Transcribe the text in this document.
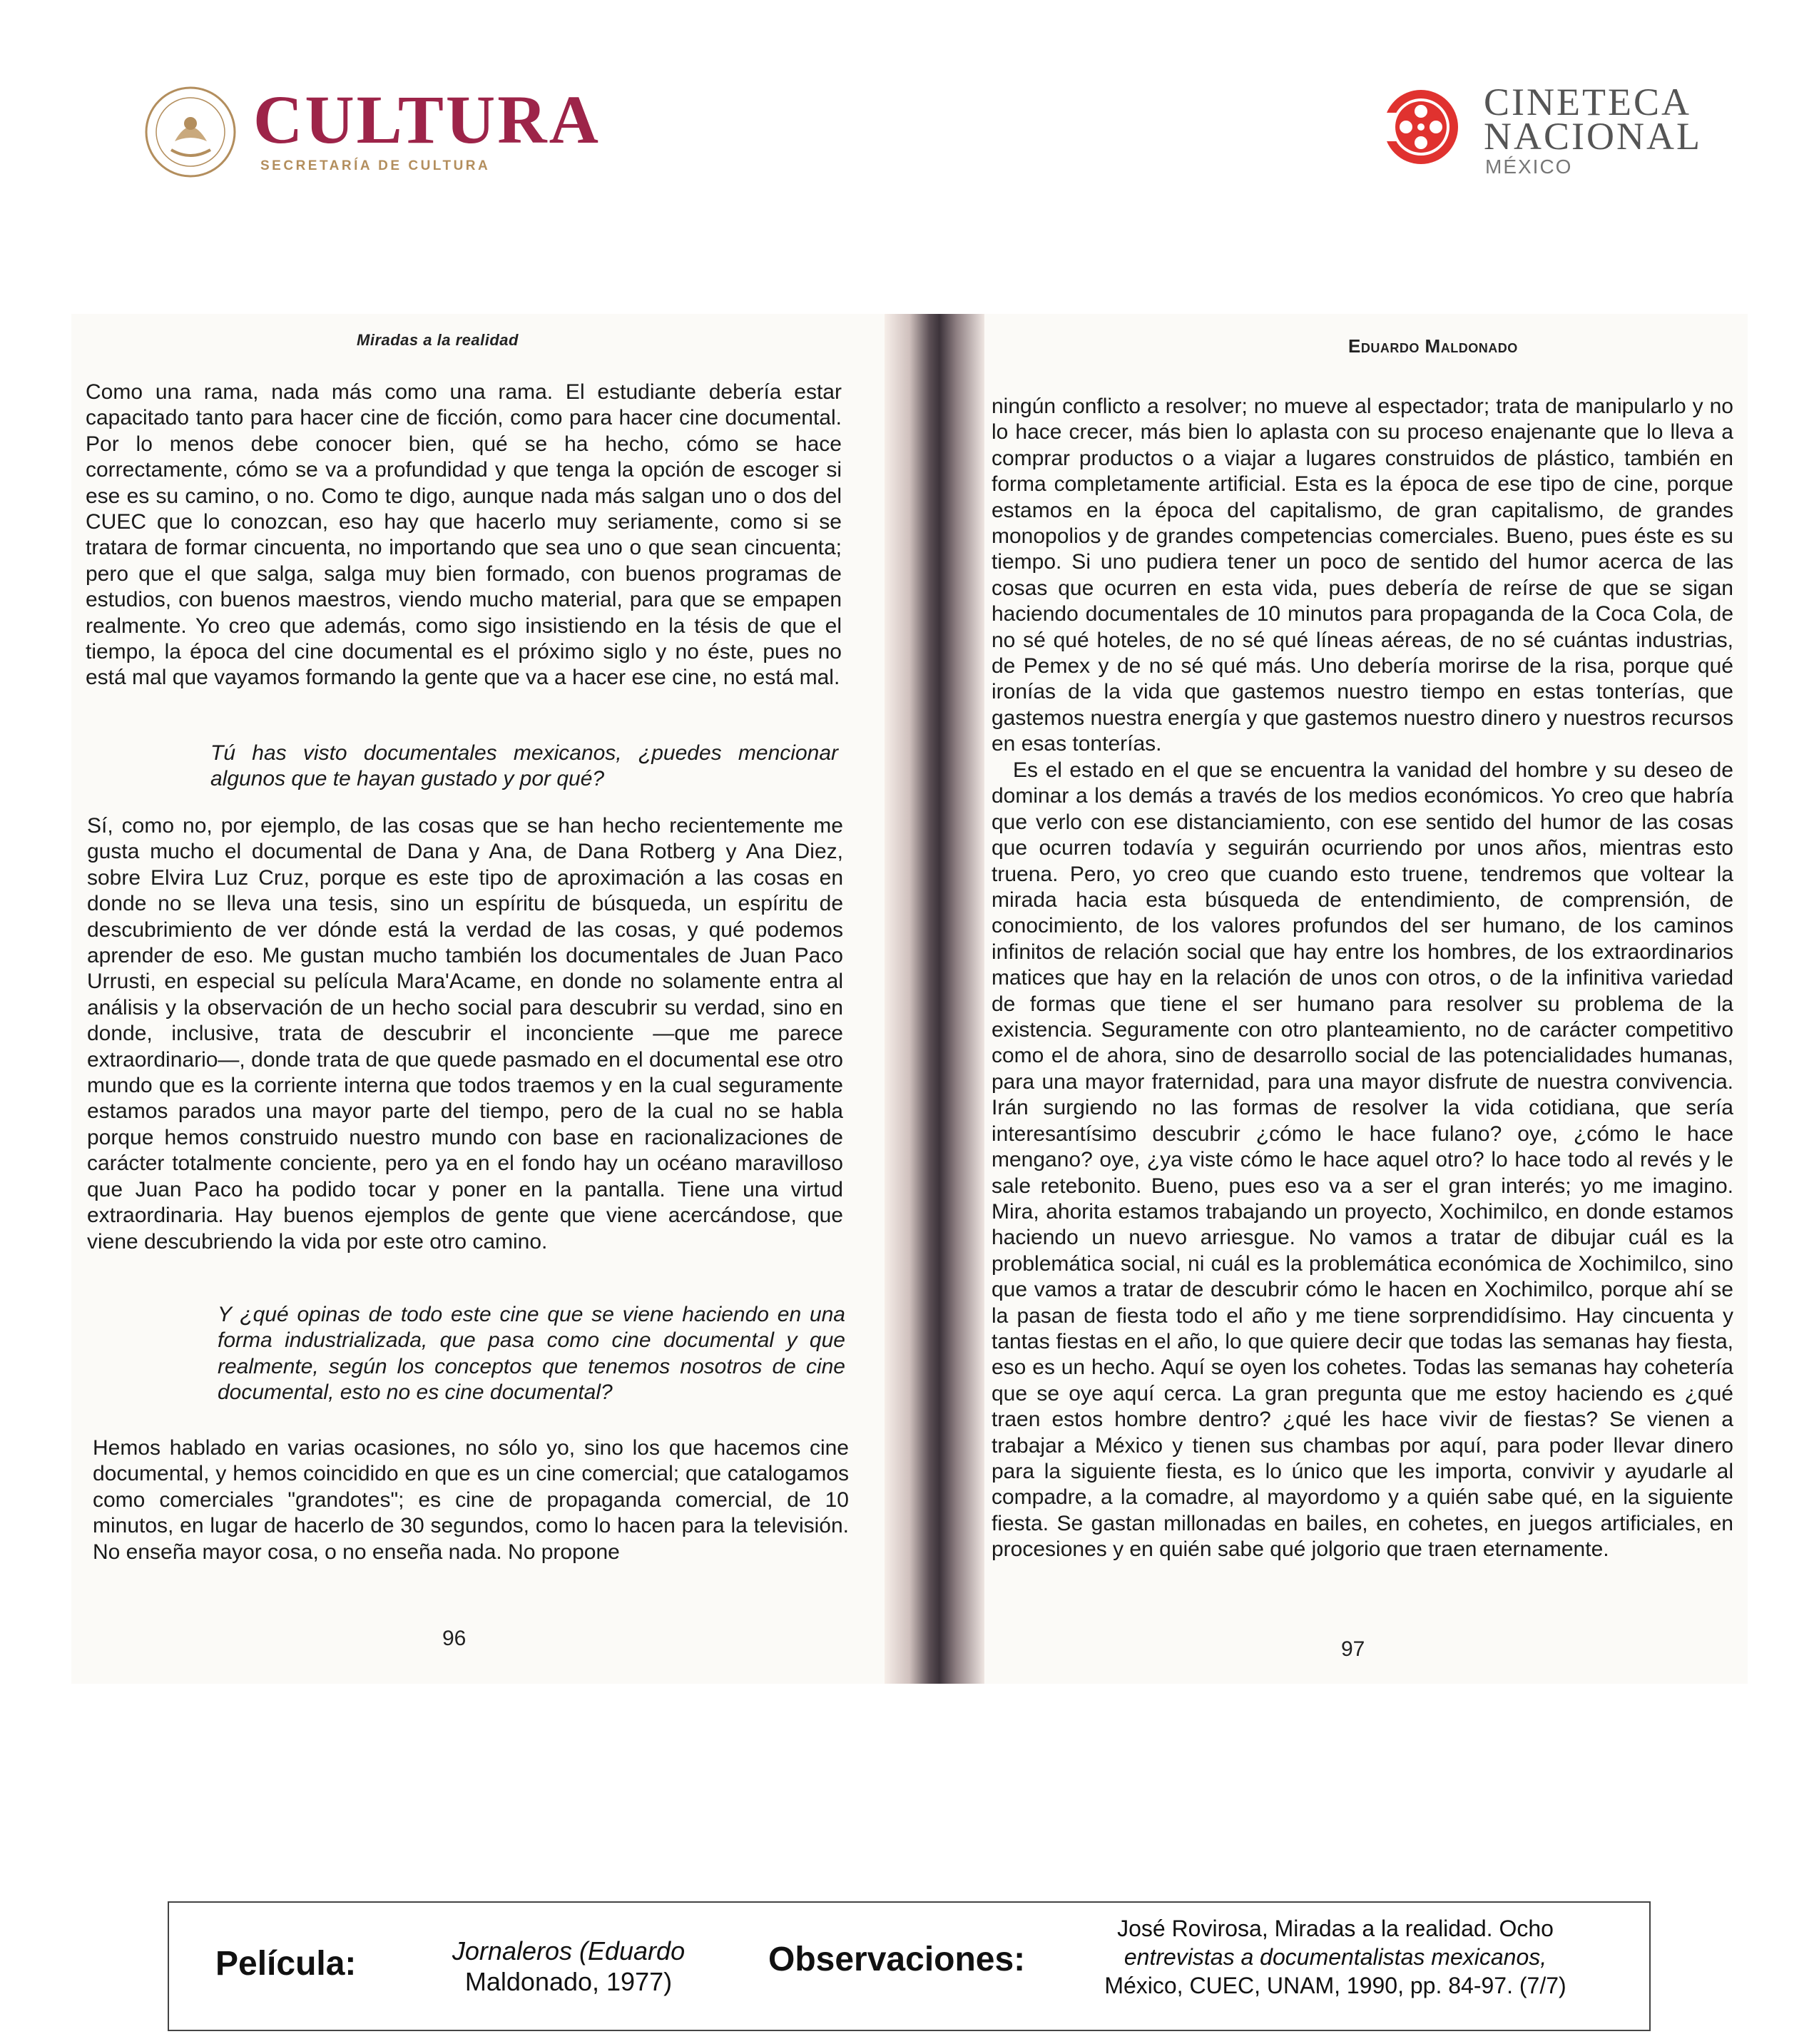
CULTURA
SECRETARÍA DE CULTURA
CINETECA
NACIONAL
MÉXICO
Miradas a la realidad

Como una rama, nada más como una rama. El estudiante debería estar capacitado tanto para hacer cine de ficción, como para hacer cine documental. Por lo menos debe conocer bien, qué se ha hecho, cómo se hace correctamente, cómo se va a profundidad y que tenga la opción de escoger si ese es su camino, o no. Como te digo, aunque nada más salgan uno o dos del CUEC que lo conozcan, eso hay que hacerlo muy seriamente, como si se tratara de formar cincuenta, no importando que sea uno o que sean cincuenta; pero que el que salga, salga muy bien formado, con buenos programas de estudios, con buenos maestros, viendo mucho material, para que se empapen realmente. Yo creo que además, como sigo insistiendo en la tésis de que el tiempo, la época del cine documental es el próximo siglo y no éste, pues no está mal que vayamos formando la gente que va a hacer ese cine, no está mal.

Tú has visto documentales mexicanos, ¿puedes mencionar algunos que te hayan gustado y por qué?

Sí, como no, por ejemplo, de las cosas que se han hecho recientemente me gusta mucho el documental de Dana y Ana, de Dana Rotberg y Ana Diez, sobre Elvira Luz Cruz, porque es este tipo de aproximación a las cosas en donde no se lleva una tesis, sino un espíritu de búsqueda, un espíritu de descubrimiento de ver dónde está la verdad de las cosas, y qué podemos aprender de eso. Me gustan mucho también los documentales de Juan Paco Urrusti, en especial su película Mara'Acame, en donde no solamente entra al análisis y la observación de un hecho social para descubrir su verdad, sino en donde, inclusive, trata de descubrir el inconciente —que me parece extraordinario—, donde trata de que quede pasmado en el documental ese otro mundo que es la corriente interna que todos traemos y en la cual seguramente estamos parados una mayor parte del tiempo, pero de la cual no se habla porque hemos construido nuestro mundo con base en racionalizaciones de carácter totalmente conciente, pero ya en el fondo hay un océano maravilloso que Juan Paco ha podido tocar y poner en la pantalla. Tiene una virtud extraordinaria. Hay buenos ejemplos de gente que viene acercándose, que viene descubriendo la vida por este otro camino.

Y ¿qué opinas de todo este cine que se viene haciendo en una forma industrializada, que pasa como cine documental y que realmente, según los conceptos que tenemos nosotros de cine documental, esto no es cine documental?

Hemos hablado en varias ocasiones, no sólo yo, sino los que hacemos cine documental, y hemos coincidido en que es un cine comercial; que catalogamos como comerciales "grandotes"; es cine de propaganda comercial, de 10 minutos, en lugar de hacerlo de 30 segundos, como lo hacen para la televisión. No enseña mayor cosa, o no enseña nada. No propone

96
Eduardo Maldonado

ningún conflicto a resolver; no mueve al espectador; trata de manipularlo y no lo hace crecer, más bien lo aplasta con su proceso enajenante que lo lleva a comprar productos o a viajar a lugares construidos de plástico, también en forma completamente artificial. Esta es la época de ese tipo de cine, porque estamos en la época del capitalismo, de gran capitalismo, de grandes monopolios y de grandes competencias comerciales. Bueno, pues éste es su tiempo. Si uno pudiera tener un poco de sentido del humor acerca de las cosas que ocurren en esta vida, pues debería de reírse de que se sigan haciendo documentales de 10 minutos para propaganda de la Coca Cola, de no sé qué hoteles, de no sé qué líneas aéreas, de no sé cuántas industrias, de Pemex y de no sé qué más. Uno debería morirse de la risa, porque qué ironías de la vida que gastemos nuestro tiempo en estas tonterías, que gastemos nuestra energía y que gastemos nuestro dinero y nuestros recursos en esas tonterías.

Es el estado en el que se encuentra la vanidad del hombre y su deseo de dominar a los demás a través de los medios económicos. Yo creo que habría que verlo con ese distanciamiento, con ese sentido del humor de las cosas que ocurren todavía y seguirán ocurriendo por unos años, mientras esto truena. Pero, yo creo que cuando esto truene, tendremos que voltear la mirada hacia esta búsqueda de entendimiento, de comprensión, de conocimiento, de los valores profundos del ser humano, de los caminos infinitos de relación social que hay entre los hombres, de los extraordinarios matices que hay en la relación de unos con otros, o de la infinitiva variedad de formas que tiene el ser humano para resolver su problema de la existencia. Seguramente con otro planteamiento, no de carácter competitivo como el de ahora, sino de desarrollo social de las potencialidades humanas, para una mayor fraternidad, para una mayor disfrute de nuestra convivencia. Irán surgiendo no las formas de resolver la vida cotidiana, que sería interesantísimo descubrir ¿cómo le hace fulano? oye, ¿cómo le hace mengano? oye, ¿ya viste cómo le hace aquel otro? lo hace todo al revés y le sale retebonito. Bueno, pues eso va a ser el gran interés; yo me imagino. Mira, ahorita estamos trabajando un proyecto, Xochimilco, en donde estamos haciendo un nuevo arriesgue. No vamos a tratar de dibujar cuál es la problemática social, ni cuál es la problemática económica de Xochimilco, sino que vamos a tratar de descubrir cómo le hacen en Xochimilco, porque ahí se la pasan de fiesta todo el año y me tiene sorprendidísimo. Hay cincuenta y tantas fiestas en el año, lo que quiere decir que todas las semanas hay fiesta, eso es un hecho. Aquí se oyen los cohetes. Todas las semanas hay cohetería que se oye aquí cerca. La gran pregunta que me estoy haciendo es ¿qué traen estos hombre dentro? ¿qué les hace vivir de fiestas? Se vienen a trabajar a México y tienen sus chambas por aquí, para poder llevar dinero para la siguiente fiesta, es lo único que les importa, convivir y ayudarle al compadre, a la comadre, al mayordomo y a quién sabe qué, en la siguiente fiesta. Se gastan millonadas en bailes, en cohetes, en juegos artificiales, en procesiones y en quién sabe qué jolgorio que traen eternamente.

97
Película:	Jornaleros (Eduardo
Maldonado, 1977)
Observaciones:
José Rovirosa, Miradas a la realidad. Ocho
entrevistas a documentalistas mexicanos,
México, CUEC, UNAM, 1990, pp. 84-97. (7/7)
